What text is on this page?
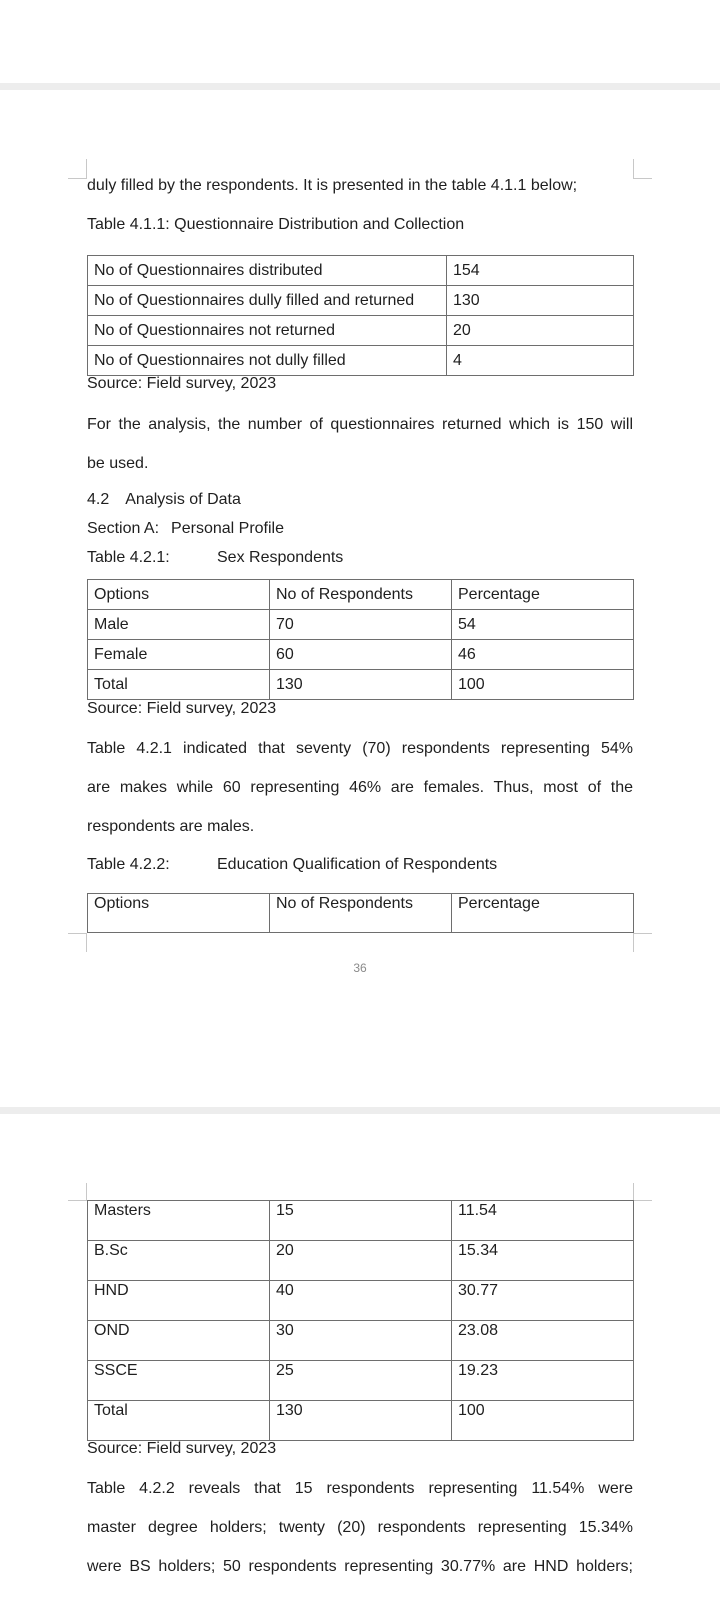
duly filled by the respondents. It is presented in the table 4.1.1 below;
Table 4.1.1: Questionnaire Distribution and Collection
No of Questionnaires distributed	154
No of Questionnaires dully filled and returned	130
No of Questionnaires not returned	20
No of Questionnaires not dully filled	4
Source: Field survey, 2023
For the analysis, the number of questionnaires returned which is 150 will
be used.
4.2 Analysis of Data
Section A: Personal Profile
Table 4.2.1:	Sex Respondents
Options	No of Respondents	Percentage
Male	70	54
Female	60	46
Total	130	100
Source: Field survey, 2023
Table 4.2.1 indicated that seventy (70) respondents representing 54%
are makes while 60 representing 46% are females. Thus, most of the
respondents are males.
Table 4.2.2:	Education Qualification of Respondents
Options	No of Respondents	Percentage
36
Masters	15	11.54
B.Sc	20	15.34
HND	40	30.77
OND	30	23.08
SSCE	25	19.23
Total	130	100
Source: Field survey, 2023
Table 4.2.2 reveals that 15 respondents representing 11.54% were
master degree holders; twenty (20) respondents representing 15.34%
were BS holders; 50 respondents representing 30.77% are HND holders;
